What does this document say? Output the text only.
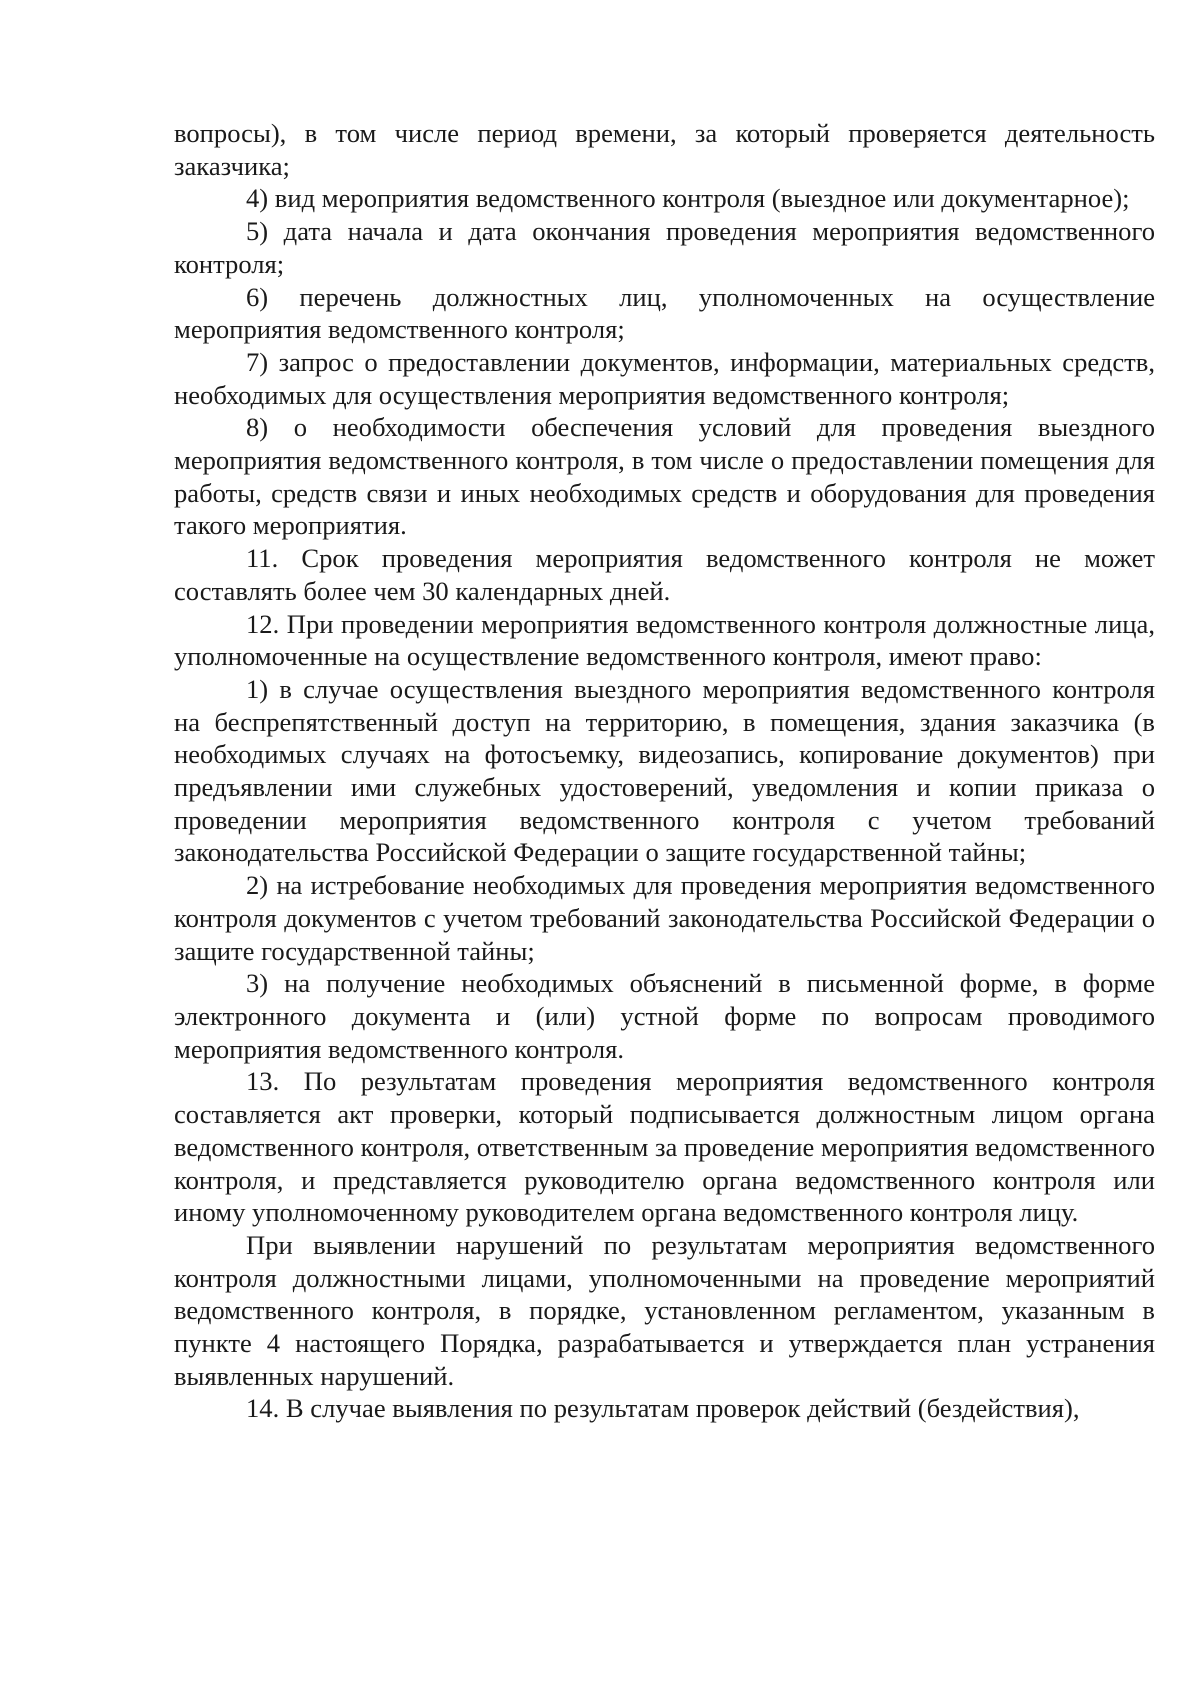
вопросы), в том числе период времени, за который проверяется деятельность заказчика;

4) вид мероприятия ведомственного контроля (выездное или документарное);

5) дата начала и дата окончания проведения мероприятия ведомственного контроля;

6) перечень должностных лиц, уполномоченных на осуществление мероприятия ведомственного контроля;

7) запрос о предоставлении документов, информации, материальных средств, необходимых для осуществления мероприятия ведомственного контроля;

8) о необходимости обеспечения условий для проведения выездного мероприятия ведомственного контроля, в том числе о предоставлении помещения для работы, средств связи и иных необходимых средств и оборудования для проведения такого мероприятия.

11. Срок проведения мероприятия ведомственного контроля не может составлять более чем 30 календарных дней.

12. При проведении мероприятия ведомственного контроля должностные лица, уполномоченные на осуществление ведомственного контроля, имеют право:

1) в случае осуществления выездного мероприятия ведомственного контроля на беспрепятственный доступ на территорию, в помещения, здания заказчика (в необходимых случаях на фотосъемку, видеозапись, копирование документов) при предъявлении ими служебных удостоверений, уведомления и копии приказа о проведении мероприятия ведомственного контроля с учетом требований законодательства Российской Федерации о защите государственной тайны;

2) на истребование необходимых для проведения мероприятия ведомственного контроля документов с учетом требований законодательства Российской Федерации о защите государственной тайны;

3) на получение необходимых объяснений в письменной форме, в форме электронного документа и (или) устной форме по вопросам проводимого мероприятия ведомственного контроля.

13. По результатам проведения мероприятия ведомственного контроля составляется акт проверки, который подписывается должностным лицом органа ведомственного контроля, ответственным за проведение мероприятия ведомственного контроля, и представляется руководителю органа ведомственного контроля или иному уполномоченному руководителем органа ведомственного контроля лицу.

При выявлении нарушений по результатам мероприятия ведомственного контроля должностными лицами, уполномоченными на проведение мероприятий ведомственного контроля, в порядке, установленном регламентом, указанным в пункте 4 настоящего Порядка, разрабатывается и утверждается план устранения выявленных нарушений.

14. В случае выявления по результатам проверок действий (бездействия),
